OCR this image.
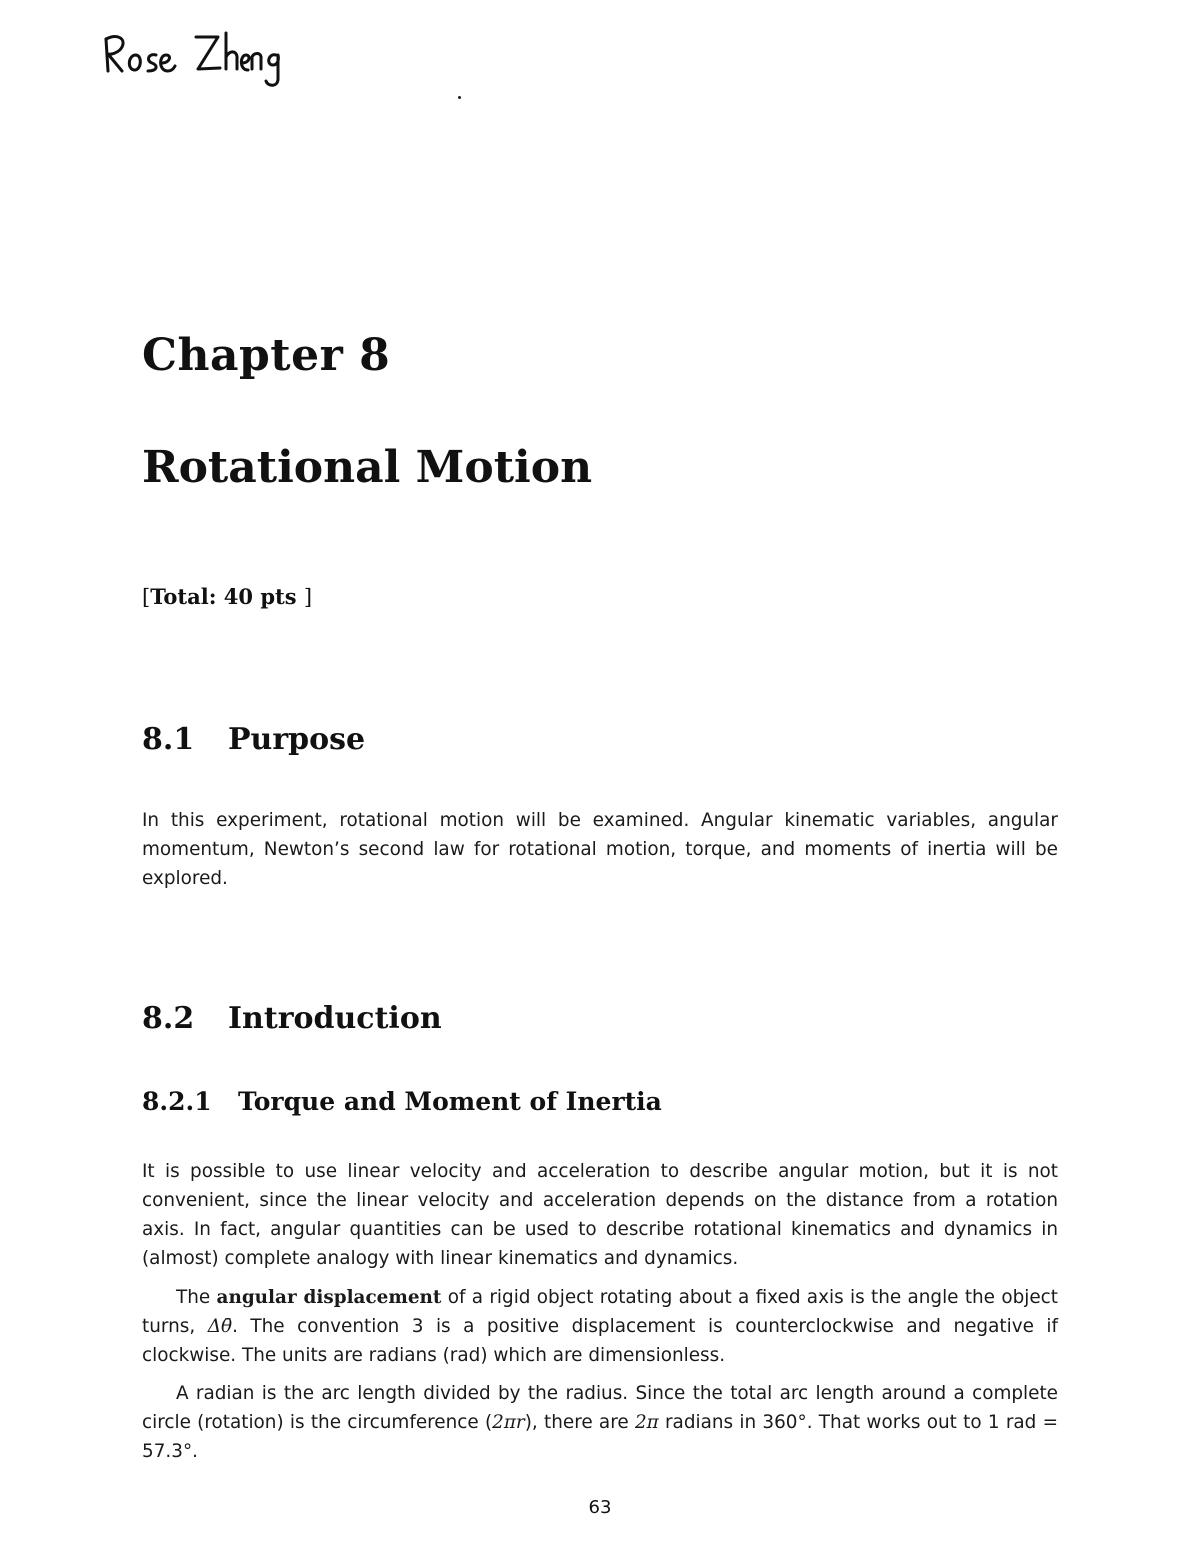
Chapter 8
Rotational Motion
[Total: 40 pts ]
8.1 Purpose

In this experiment, rotational motion will be examined. Angular kinematic variables, angular momentum, Newton’s second law for rotational motion, torque, and moments of inertia will be explored.

8.2 Introduction
8.2.1 Torque and Moment of Inertia

It is possible to use linear velocity and acceleration to describe angular motion, but it is not convenient, since the linear velocity and acceleration depends on the distance from a rotation axis. In fact, angular quantities can be used to describe rotational kinematics and dynamics in (almost) complete analogy with linear kinematics and dynamics.

The angular displacement of a rigid object rotating about a fixed axis is the angle the object turns, Δθ̄. The convention 3 is a positive displacement is counterclockwise and negative if clockwise. The units are radians (rad) which are dimensionless.

A radian is the arc length divided by the radius. Since the total arc length around a complete circle (rotation) is the circumference (2πr), there are 2π radians in 360°. That works out to 1 rad = 57.3°.

63
